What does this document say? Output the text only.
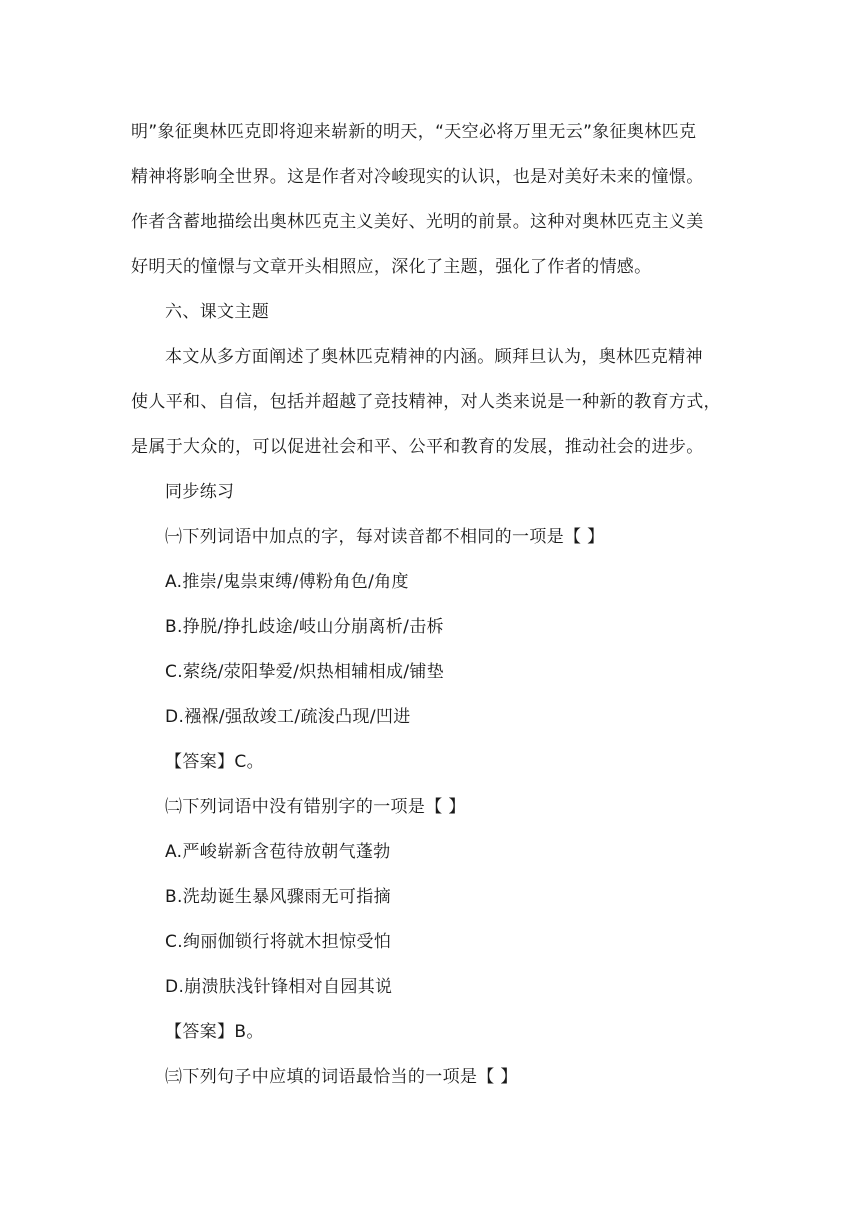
明”象征奥林匹克即将迎来崭新的明天，“天空必将万里无云”象征奥林匹克
精神将影响全世界。这是作者对冷峻现实的认识，也是对美好未来的憧憬。
作者含蓄地描绘出奥林匹克主义美好、光明的前景。这种对奥林匹克主义美
好明天的憧憬与文章开头相照应，深化了主题，强化了作者的情感。
六、课文主题
本文从多方面阐述了奥林匹克精神的内涵。顾拜旦认为，奥林匹克精神
使人平和、自信，包括并超越了竞技精神，对人类来说是一种新的教育方式，
是属于大众的，可以促进社会和平、公平和教育的发展，推动社会的进步。
同步练习
㈠下列词语中加点的字，每对读音都不相同的一项是【 】
A.推崇/鬼祟束缚/傅粉角色/角度
B.挣脱/挣扎歧途/岐山分崩离析/击柝
C.萦绕/荥阳挚爱/炽热相辅相成/铺垫
D.襁褓/强敌竣工/疏浚凸现/凹进
【答案】C。
㈡下列词语中没有错别字的一项是【 】
A.严峻崭新含苞待放朝气蓬勃
B.洗劫诞生暴风骤雨无可指摘
C.绚丽伽锁行将就木担惊受怕
D.崩溃肤浅针锋相对自园其说
【答案】B。
㈢下列句子中应填的词语最恰当的一项是【 】
